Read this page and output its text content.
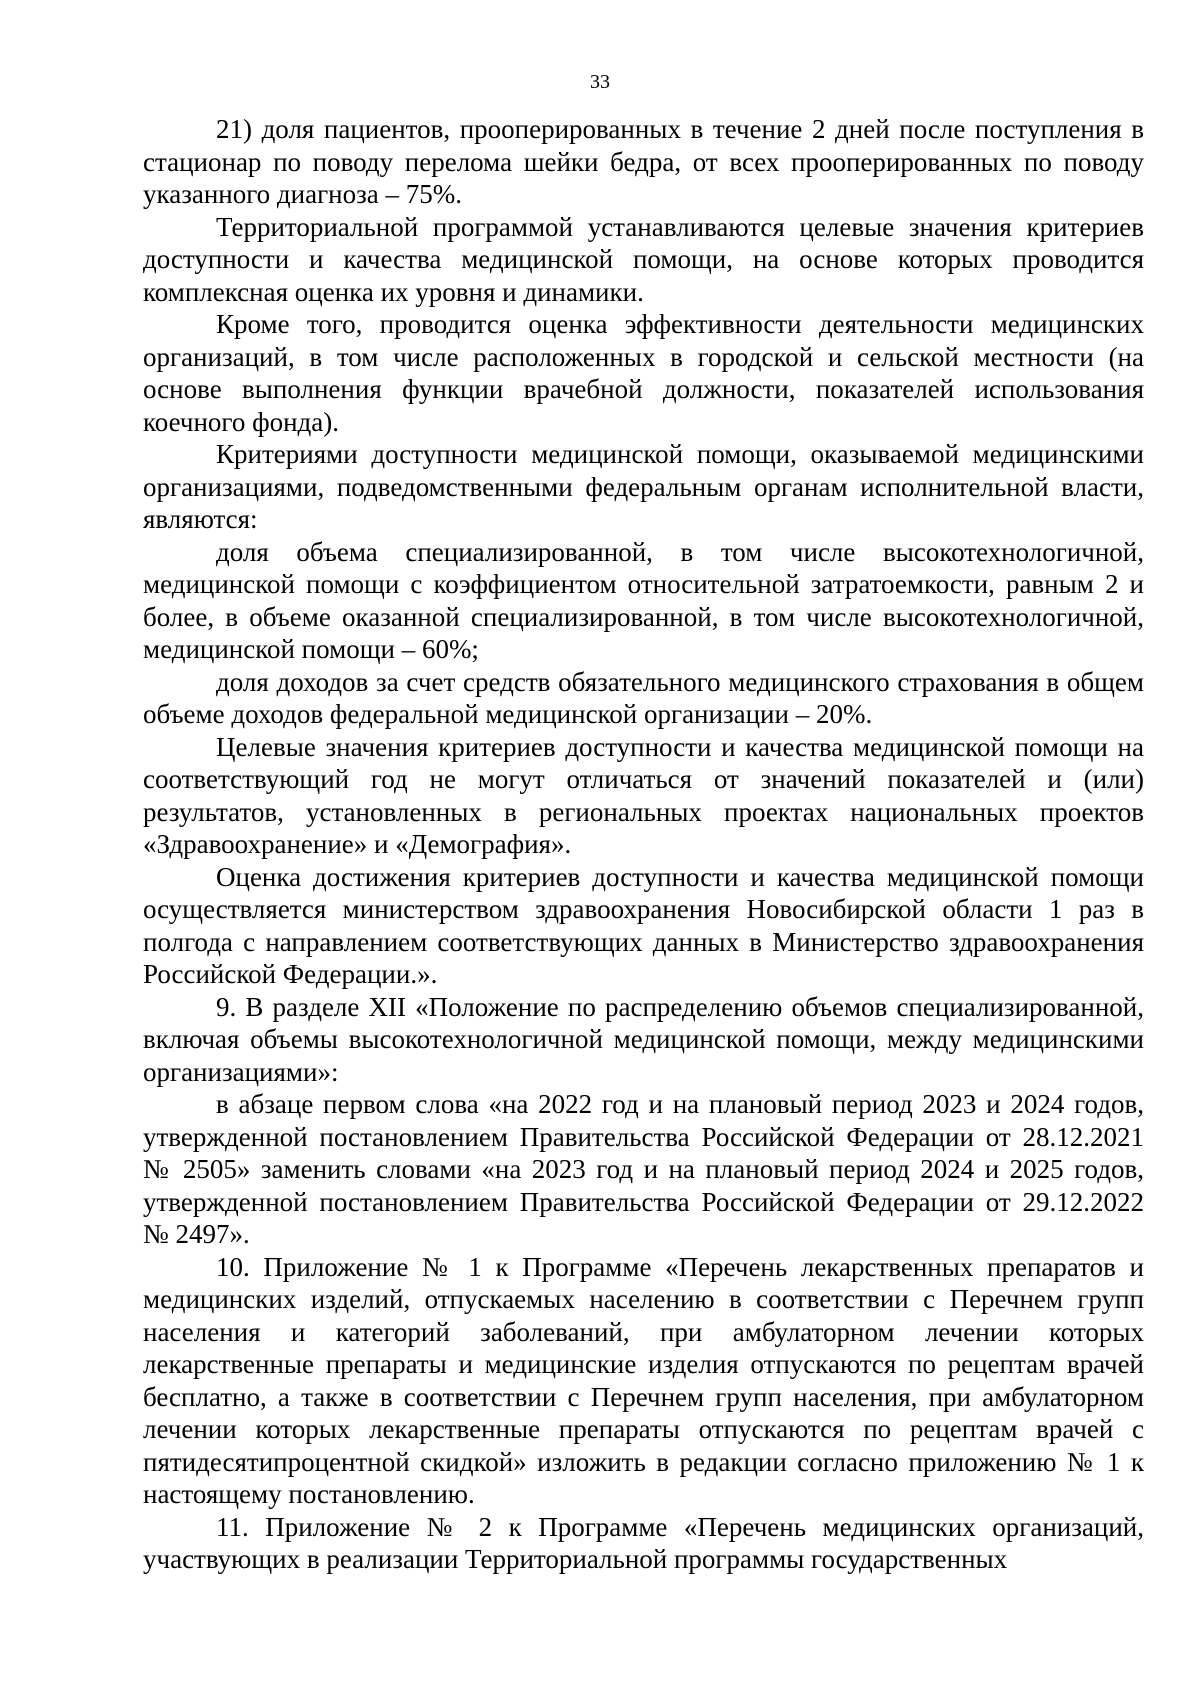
33

21) доля пациентов, прооперированных в течение 2 дней после поступления в стационар по поводу перелома шейки бедра, от всех прооперированных по поводу указанного диагноза – 75%.

Территориальной программой устанавливаются целевые значения критериев доступности и качества медицинской помощи, на основе которых проводится комплексная оценка их уровня и динамики.

Кроме того, проводится оценка эффективности деятельности медицинских организаций, в том числе расположенных в городской и сельской местности (на основе выполнения функции врачебной должности, показателей использования коечного фонда).

Критериями доступности медицинской помощи, оказываемой медицинскими организациями, подведомственными федеральным органам исполнительной власти, являются:

доля объема специализированной, в том числе высокотехнологичной, медицинской помощи с коэффициентом относительной затратоемкости, равным 2 и более, в объеме оказанной специализированной, в том числе высокотехнологичной, медицинской помощи – 60%;

доля доходов за счет средств обязательного медицинского страхования в общем объеме доходов федеральной медицинской организации – 20%.

Целевые значения критериев доступности и качества медицинской помощи на соответствующий год не могут отличаться от значений показателей и (или) результатов, установленных в региональных проектах национальных проектов «Здравоохранение» и «Демография».

Оценка достижения критериев доступности и качества медицинской помощи осуществляется министерством здравоохранения Новосибирской области 1 раз в полгода с направлением соответствующих данных в Министерство здравоохранения Российской Федерации.».

9. В разделе XII «Положение по распределению объемов специализированной, включая объемы высокотехнологичной медицинской помощи, между медицинскими организациями»:

в абзаце первом слова «на 2022 год и на плановый период 2023 и 2024 годов, утвержденной постановлением Правительства Российской Федерации от 28.12.2021 № 2505» заменить словами «на 2023 год и на плановый период 2024 и 2025 годов, утвержденной постановлением Правительства Российской Федерации от 29.12.2022 № 2497».

10. Приложение № 1 к Программе «Перечень лекарственных препаратов и медицинских изделий, отпускаемых населению в соответствии с Перечнем групп населения и категорий заболеваний, при амбулаторном лечении которых лекарственные препараты и медицинские изделия отпускаются по рецептам врачей бесплатно, а также в соответствии с Перечнем групп населения, при амбулаторном лечении которых лекарственные препараты отпускаются по рецептам врачей с пятидесятипроцентной скидкой» изложить в редакции согласно приложению № 1 к настоящему постановлению.

11. Приложение № 2 к Программе «Перечень медицинских организаций, участвующих в реализации Территориальной программы государственных
